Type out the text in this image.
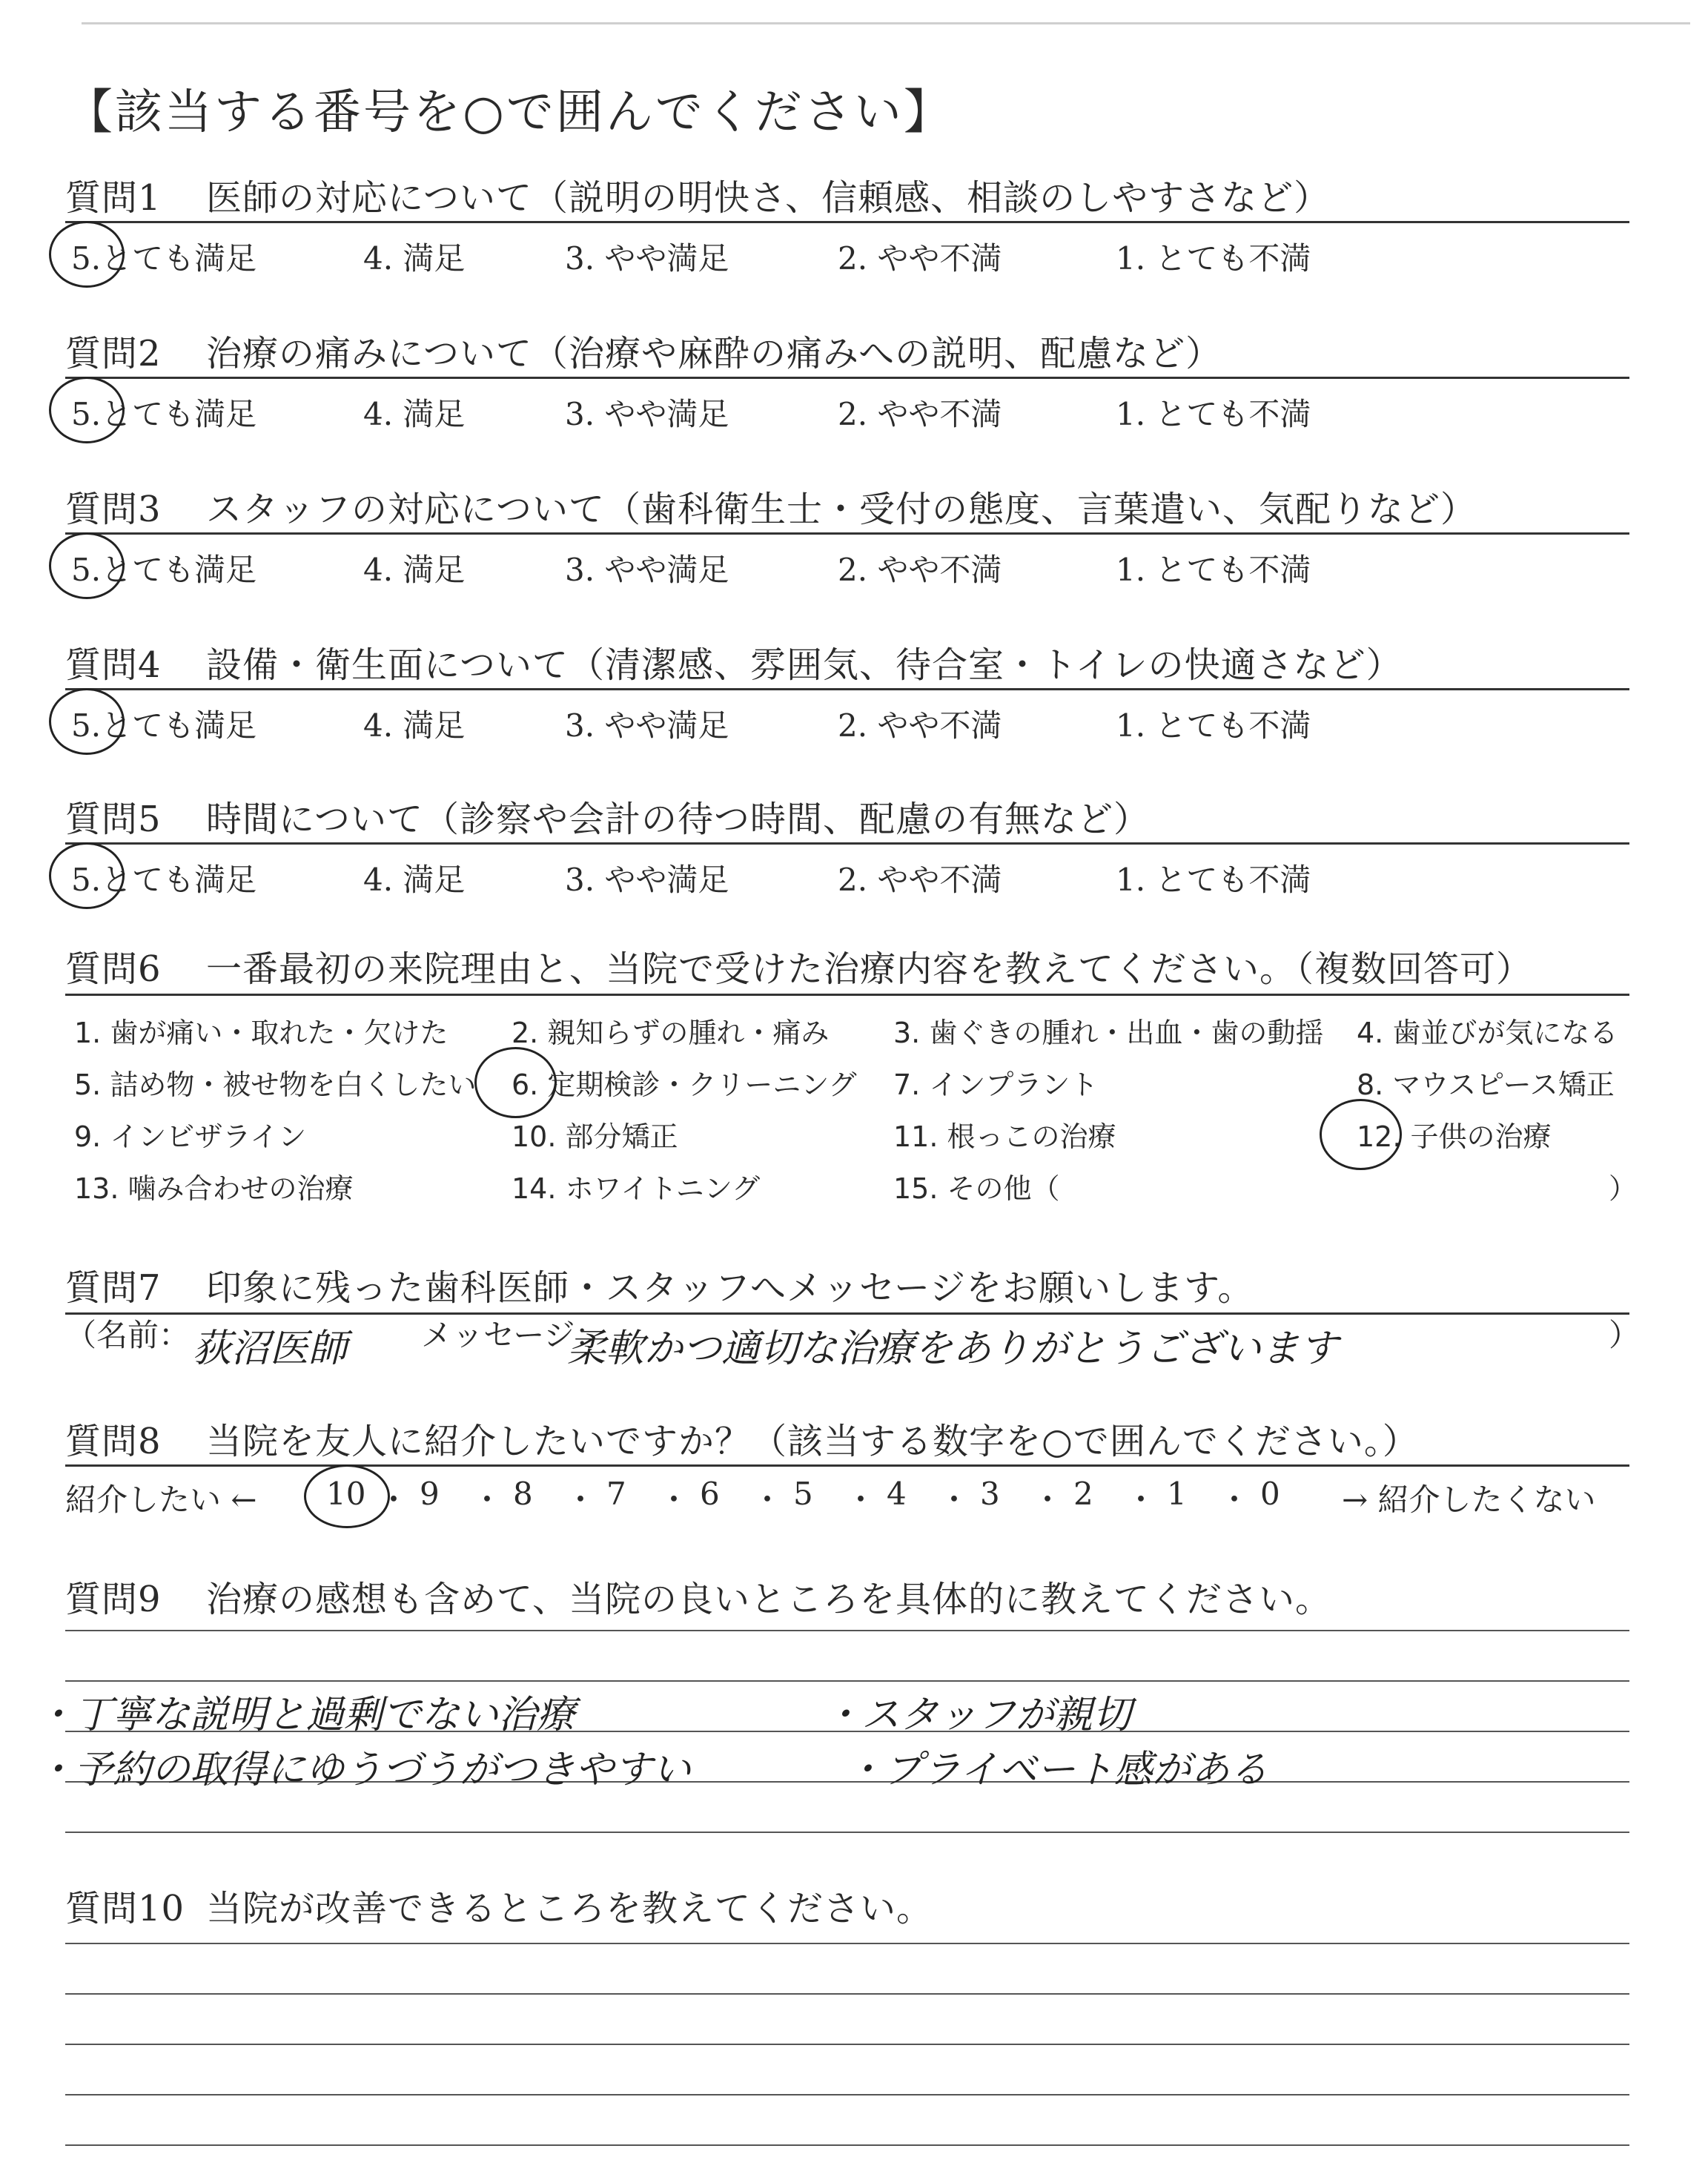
【該当する番号を○で囲んでください】
質問1 医師の対応について（説明の明快さ、信頼感、相談のしやすさなど）
5.とても満足	4. 満足	3. やや満足	2. やや不満	1. とても不満
質問2 治療の痛みについて（治療や麻酔の痛みへの説明、配慮など）
5.とても満足	4. 満足	3. やや満足	2. やや不満	1. とても不満
質問3 スタッフの対応について（歯科衛生士・受付の態度、言葉遣い、気配りなど）
5.とても満足	4. 満足	3. やや満足	2. やや不満	1. とても不満
質問4 設備・衛生面について（清潔感、雰囲気、待合室・トイレの快適さなど）
5.とても満足	4. 満足	3. やや満足	2. やや不満	1. とても不満
質問5 時間について（診察や会計の待つ時間、配慮の有無など）
5.とても満足	4. 満足	3. やや満足	2. やや不満	1. とても不満
質問6 一番最初の来院理由と、当院で受けた治療内容を教えてください。（複数回答可）
1. 歯が痛い・取れた・欠けた 2. 親知らずの腫れ・痛み 3. 歯ぐきの腫れ・出血・歯の動揺 4. 歯並びが気になる
5. 詰め物・被せ物を白くしたい 6. 定期検診・クリーニング 7. インプラント	8. マウスピース矯正
9. インビザライン	10. 部分矯正	11. 根っこの治療	12. 子供の治療
13. 噛み合わせの治療	14. ホワイトニング	15. その他（	）
質問7 印象に残った歯科医師・スタッフへメッセージをお願いします。
（名前： 荻沼医師 メッセージ：
柔軟かつ適切な治療をありがとうございます	）
質問8 当院を友人に紹介したいですか？（該当する数字を○で囲んでください。）
紹介したい ← 10 ・ 9 ・ 8 ・ 7 ・ 6 ・ 5 ・ 4 ・ 3 ・ 2 ・ 1 ・ 0 → 紹介したくない
質問9 治療の感想も含めて、当院の良いところを具体的に教えてください。
・丁寧な説明と過剰でない治療	・スタッフが親切
・予約の取得にゆうづうがつきやすい	・プライベート感がある
質問10 当院が改善できるところを教えてください。
